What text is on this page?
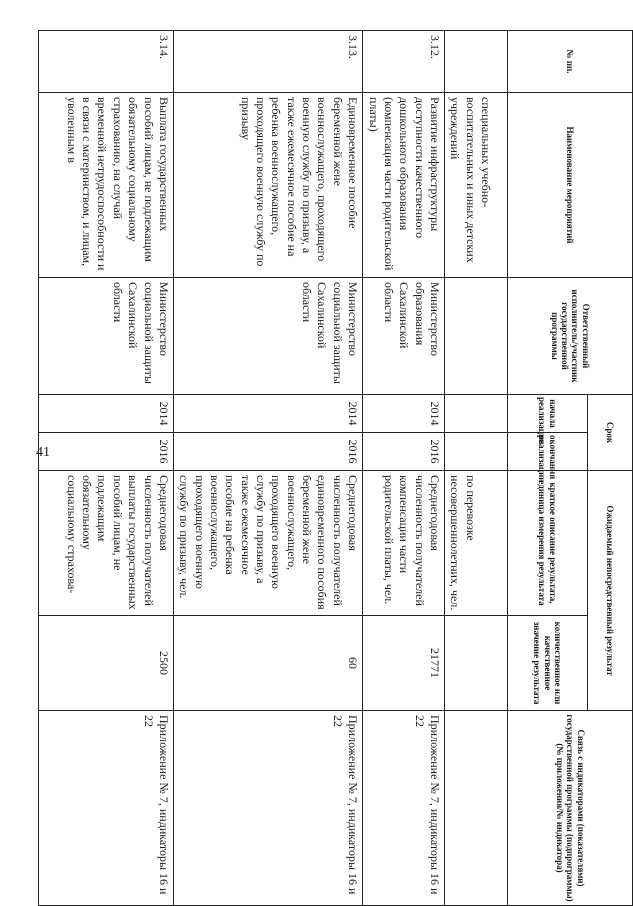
41
№ пп.	Наименование мероприятий	Ответственный исполнитель/участник государственной программы	Срок		Ожидаемый непосредственный результат		Связь с индикаторами (показателями) государственной программы (подпрограммы) (№ приложения/№ индикатора)
			начала реализации	окончания реализации	краткое описание результата, единица измерения результата	количественное или качественное значение результата	
	специальных учебно-воспитательных и иных детских учреждений				по перевозке несовершеннолетних, чел.		
3.12.	Развитие инфраструктуры доступности качественного дошкольного образования (компенсация части родительской платы)	Министерство образования Сахалинской области	2014	2016	Среднегодовая численность получателей компенсации части родительской платы, чел.	21771	Приложение № 7, индикаторы 16 и 22
3.13.	Единовременное пособие беременной жене военнослужащего, проходящего военную службу по призыву, а также ежемесячное пособие на ребенка военнослужащего, проходящего военную службу по призыву	Министерство социальной защиты Сахалинской области	2014	2016	Среднегодовая численность получателей единовременного пособия беременной жене военнослужащего, проходящего военную службу по призыву, а также ежемесячное пособие на ребенка военнослужащего, проходящего военную службу по призыву, чел.	60	Приложение № 7, индикаторы 16 и 22
3.14.	Выплата государственных пособий лицам, не подлежащим обязательному социальному страхованию, на случай временной нетрудоспособности и в связи с материнством, и лицам, уволенным в	Министерство социальной защиты Сахалинской области	2014	2016	Среднегодовая численность получателей выплаты государственных пособий лицам, не подлежащим обязательному социальному страхова-	2500	Приложение № 7, индикаторы 16 и 22
